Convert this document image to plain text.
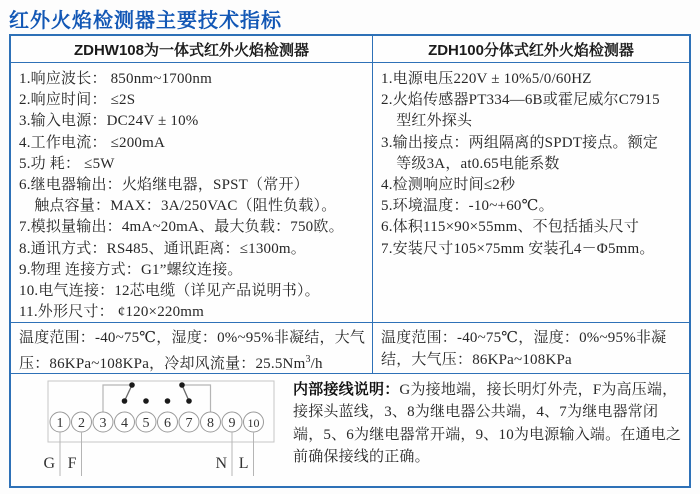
红外火焰检测器主要技术指标
ZDHW108为一体式红外火焰检测器	ZDH100分体式红外火焰检测器
1.响应波长： 850nm~1700nm
2.响应时间： ≤2S
3.输入电源：DC24V ± 10%
4.工作电流： ≤200mA
5.功 耗： ≤5W
6.继电器输出：火焰继电器，SPST（常开）
　触点容量：MAX：3A/250VAC（阻性负载）。
7.模拟量输出：4mA~20mA、最大负载：750欧。
8.通讯方式：RS485、通讯距离：≤1300m。
9.物理 连接方式：G1”螺纹连接。
10.电气连接：12芯电缆（详见产品说明书）。
11.外形尺寸： ¢120×220mm
1.电源电压220V ± 10%5/0/60HZ
2.火焰传感器PT334—6B或霍尼威尔C7915
　型红外探头
3.输出接点：两组隔离的SPDT接点。额定
　等级3A，at0.65电能系数
4.检测响应时间≤2秒
5.环境温度：-10~+60℃。
6.体积115×90×55mm、不包括插头尺寸
7.安装尺寸105×75mm 安装孔4－Φ5mm。
温度范围：-40~75℃，湿度：0%~95%非凝结，大气压：86KPa~108KPa，冷却风流量：25.5Nm$^3$/h
温度范围：-40~75℃，湿度：0%~95%非凝结，大气压：86KPa~108KPa
1 2 3 4 5 6 7 8 9 10
G F	N L
内部接线说明：G为接地端，接长明灯外壳，F为高压端，接探头蓝线，3、8为继电器公共端，4、7为继电器常闭端，5、6为继电器常开端，9、10为电源输入端。在通电之前确保接线的正确。
